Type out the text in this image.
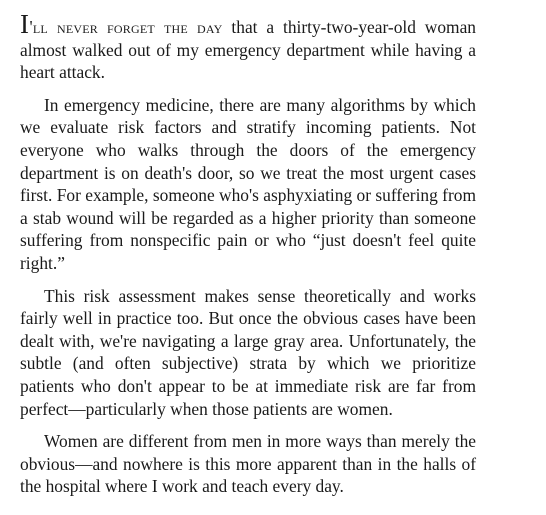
I'll never forget the day that a thirty-two-year-old woman almost walked out of my emergency department while having a heart attack.

In emergency medicine, there are many algorithms by which we evaluate risk factors and stratify incoming patients. Not everyone who walks through the doors of the emergency department is on death's door, so we treat the most urgent cases first. For example, someone who's asphyxiating or suffering from a stab wound will be regarded as a higher priority than someone suffering from nonspecific pain or who “just doesn't feel quite right.”

This risk assessment makes sense theoretically and works fairly well in practice too. But once the obvious cases have been dealt with, we're navigating a large gray area. Unfortunately, the subtle (and often subjective) strata by which we prioritize patients who don't appear to be at immediate risk are far from perfect—particularly when those patients are women.

Women are different from men in more ways than merely the obvious—and nowhere is this more apparent than in the halls of the hospital where I work and teach every day.
